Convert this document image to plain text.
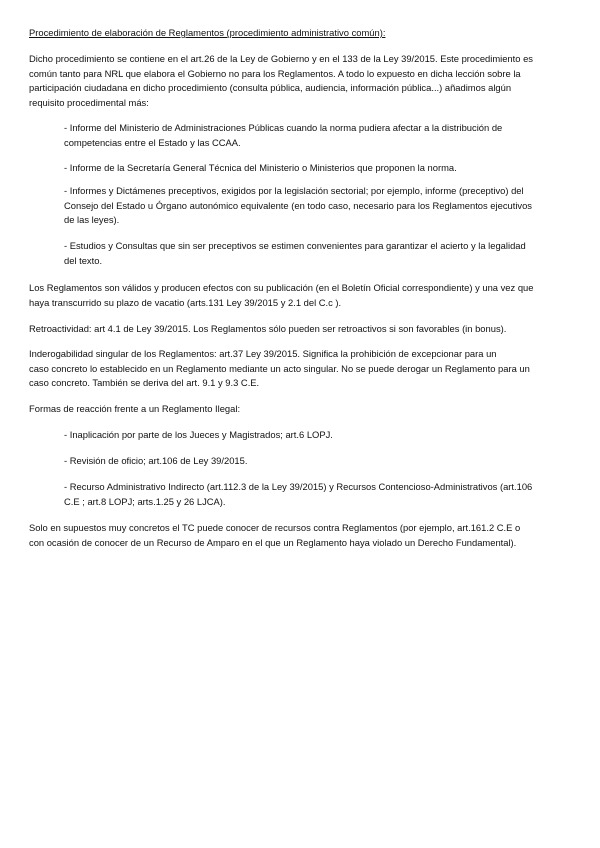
Procedimiento de elaboración de Reglamentos (procedimiento administrativo común):
Dicho procedimiento se contiene en el art.26 de la Ley de Gobierno y en el 133 de la Ley 39/2015. Este procedimiento es
común tanto para NRL que elabora el Gobierno no para los Reglamentos. A todo lo expuesto en dicha lección sobre la
participación ciudadana en dicho procedimiento (consulta pública, audiencia, información pública...) añadimos algún
requisito procedimental más:
- Informe del Ministerio de Administraciones Públicas cuando la norma pudiera afectar a la distribución de
competencias entre el Estado y las CCAA.
- Informe de la Secretaría General Técnica del Ministerio o Ministerios que proponen la norma.
- Informes y Dictámenes preceptivos, exigidos por la legislación sectorial; por ejemplo, informe (preceptivo) del
Consejo del Estado u Órgano autonómico equivalente (en todo caso, necesario para los Reglamentos ejecutivos
de las leyes).
- Estudios y Consultas que sin ser preceptivos se estimen convenientes para garantizar el acierto y la legalidad
del texto.
Los Reglamentos son válidos y producen efectos con su publicación (en el Boletín Oficial correspondiente) y una vez que
haya transcurrido su plazo de vacatio (arts.131 Ley 39/2015 y 2.1 del C.c ).
Retroactividad: art 4.1 de Ley 39/2015. Los Reglamentos sólo pueden ser retroactivos si son favorables (in bonus).
Inderogabilidad singular de los Reglamentos: art.37 Ley 39/2015. Significa la prohibición de excepcionar para un
caso concreto lo establecido en un Reglamento mediante un acto singular. No se puede derogar un Reglamento para un
caso concreto. También se deriva del art. 9.1 y 9.3 C.E.
Formas de reacción frente a un Reglamento Ilegal:
- Inaplicación por parte de los Jueces y Magistrados; art.6 LOPJ.
- Revisión de oficio; art.106 de Ley 39/2015.
- Recurso Administrativo Indirecto (art.112.3 de la Ley 39/2015) y Recursos Contencioso-Administrativos (art.106
C.E ; art.8 LOPJ; arts.1.25 y 26 LJCA).
Solo en supuestos muy concretos el TC puede conocer de recursos contra Reglamentos (por ejemplo, art.161.2 C.E o
con ocasión de conocer de un Recurso de Amparo en el que un Reglamento haya violado un Derecho Fundamental).
